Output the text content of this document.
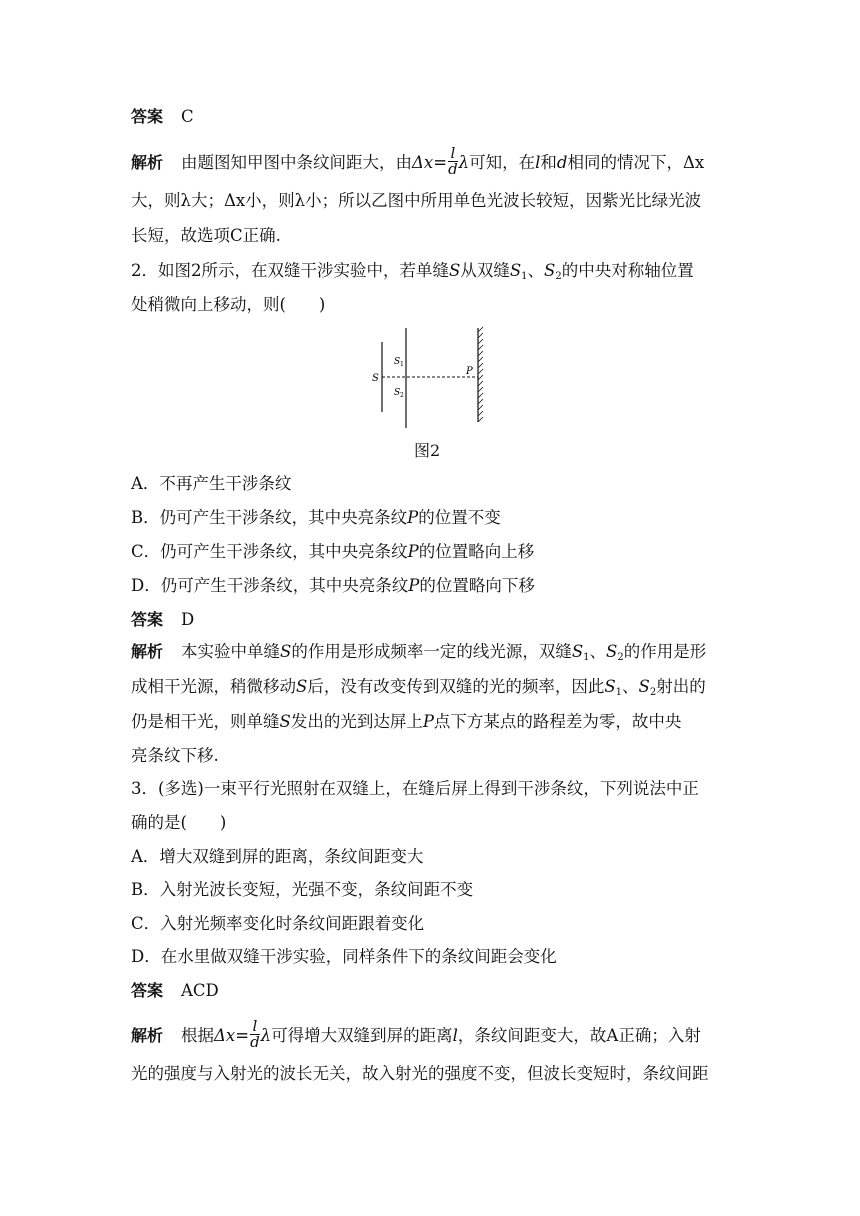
答案 C
解析 由题图知甲图中条纹间距大，由$\Delta x= \frac{l}{d}$ λ可知，在l和d相同的情况下，Δx
大，则λ大；Δx小，则λ小；所以乙图中所用单色光波长较短，因紫光比绿光波
长短，故选项C正确.
2．如图2所示，在双缝干涉实验中，若单缝S从双缝$S_1$、$S_2$的中央对称轴位置
处稍微向上移动，则(　　)
S
S 1
S 2
P
图2
A．不再产生干涉条纹
B．仍可产生干涉条纹，其中央亮条纹P的位置不变
C．仍可产生干涉条纹，其中央亮条纹P的位置略向上移
D．仍可产生干涉条纹，其中央亮条纹P的位置略向下移
答案 D
解析 本实验中单缝S的作用是形成频率一定的线光源，双缝$S_1$、$S_2$的作用是形
成相干光源，稍微移动S后，没有改变传到双缝的光的频率，因此$S_1$、$S_2$射出的
仍是相干光，则单缝S发出的光到达屏上P点下方某点的路程差为零，故中央
亮条纹下移.
3．(多选)一束平行光照射在双缝上，在缝后屏上得到干涉条纹，下列说法中正
确的是(　　)
A．增大双缝到屏的距离，条纹间距变大
B．入射光波长变短，光强不变，条纹间距不变
C．入射光频率变化时条纹间距跟着变化
D．在水里做双缝干涉实验，同样条件下的条纹间距会变化
答案 ACD
解析 根据$\Delta x= \frac{l}{d}$ λ可得增大双缝到屏的距离l，条纹间距变大，故A正确；入射
光的强度与入射光的波长无关，故入射光的强度不变，但波长变短时，条纹间距
